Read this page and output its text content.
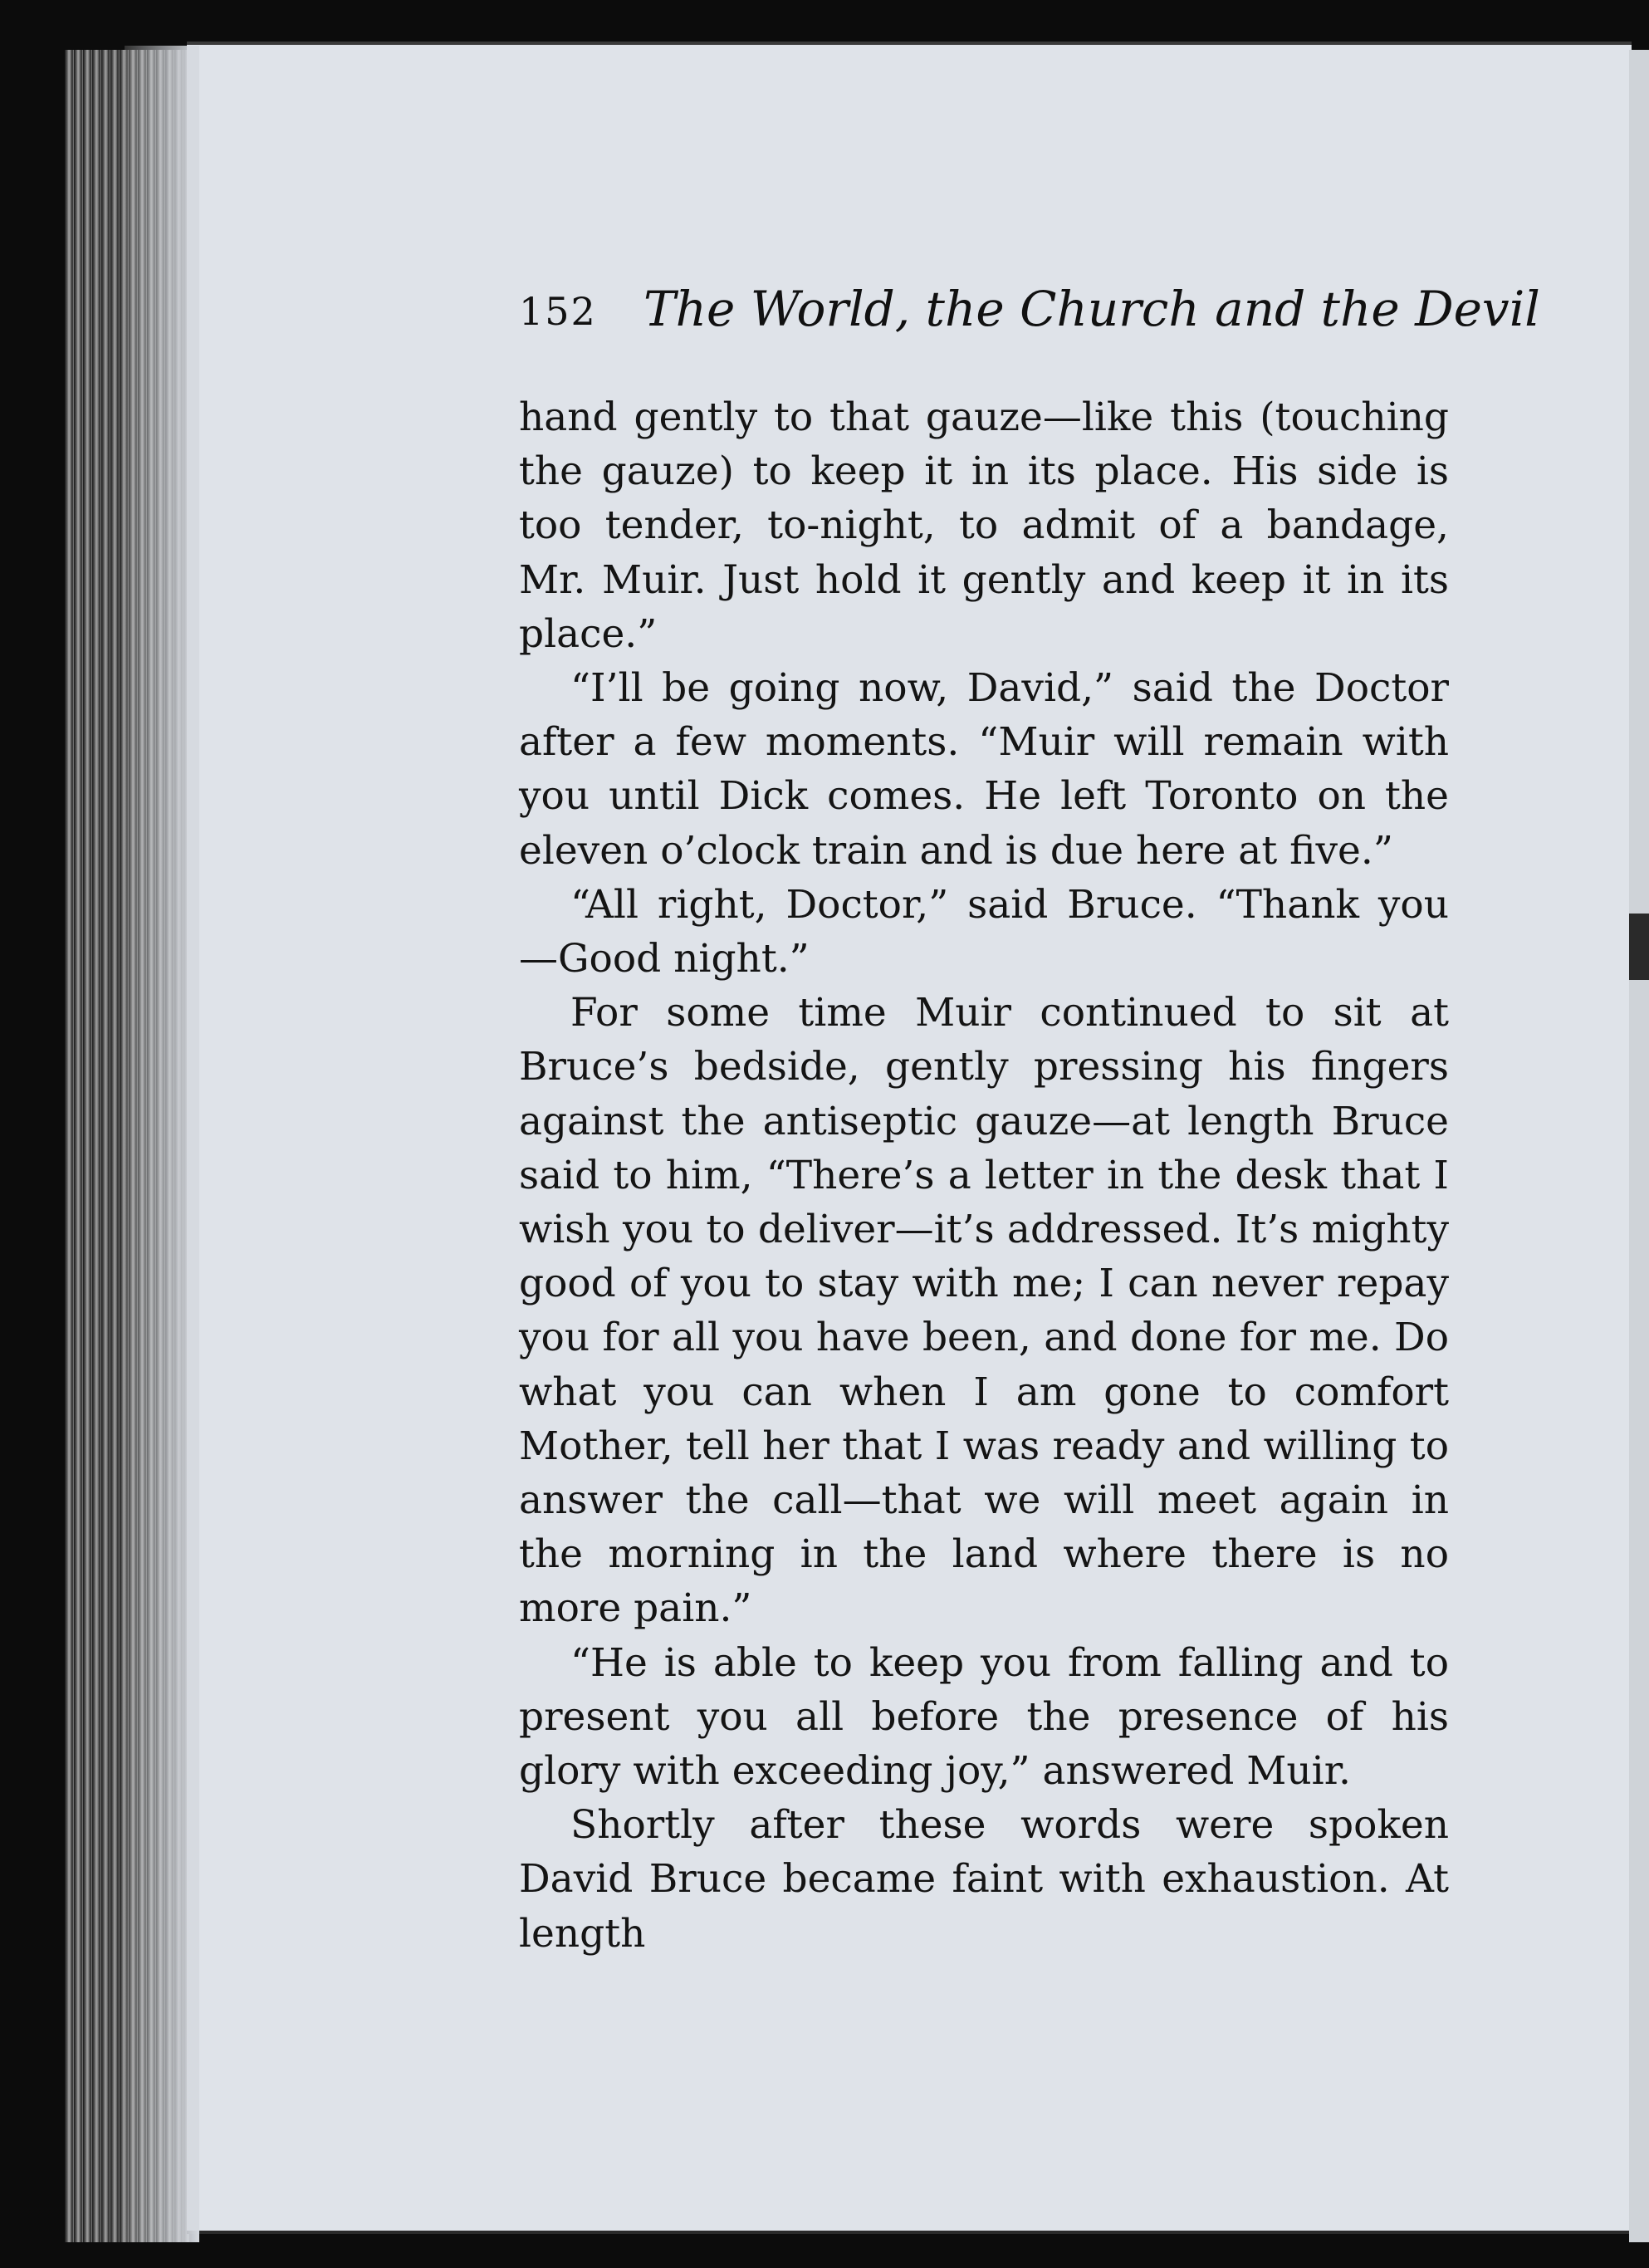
152 The World, the Church and the Devil

hand gently to that gauze—like this (touching the gauze) to keep it in its place. His side is too tender, to-night, to admit of a bandage, Mr. Muir. Just hold it gently and keep it in its place.”

“I’ll be going now, David,” said the Doctor after a few moments. “Muir will remain with you until Dick comes. He left Toronto on the eleven o’clock train and is due here at five.”

“All right, Doctor,” said Bruce. “Thank you —Good night.”

For some time Muir continued to sit at Bruce’s bedside, gently pressing his fingers against the antiseptic gauze—at length Bruce said to him, “There’s a letter in the desk that I wish you to deliver—it’s addressed. It’s mighty good of you to stay with me; I can never repay you for all you have been, and done for me. Do what you can when I am gone to comfort Mother, tell her that I was ready and willing to answer the call—that we will meet again in the morning in the land where there is no more pain.”

“He is able to keep you from falling and to present you all before the presence of his glory with exceeding joy,” answered Muir.

Shortly after these words were spoken David Bruce became faint with exhaustion. At length
